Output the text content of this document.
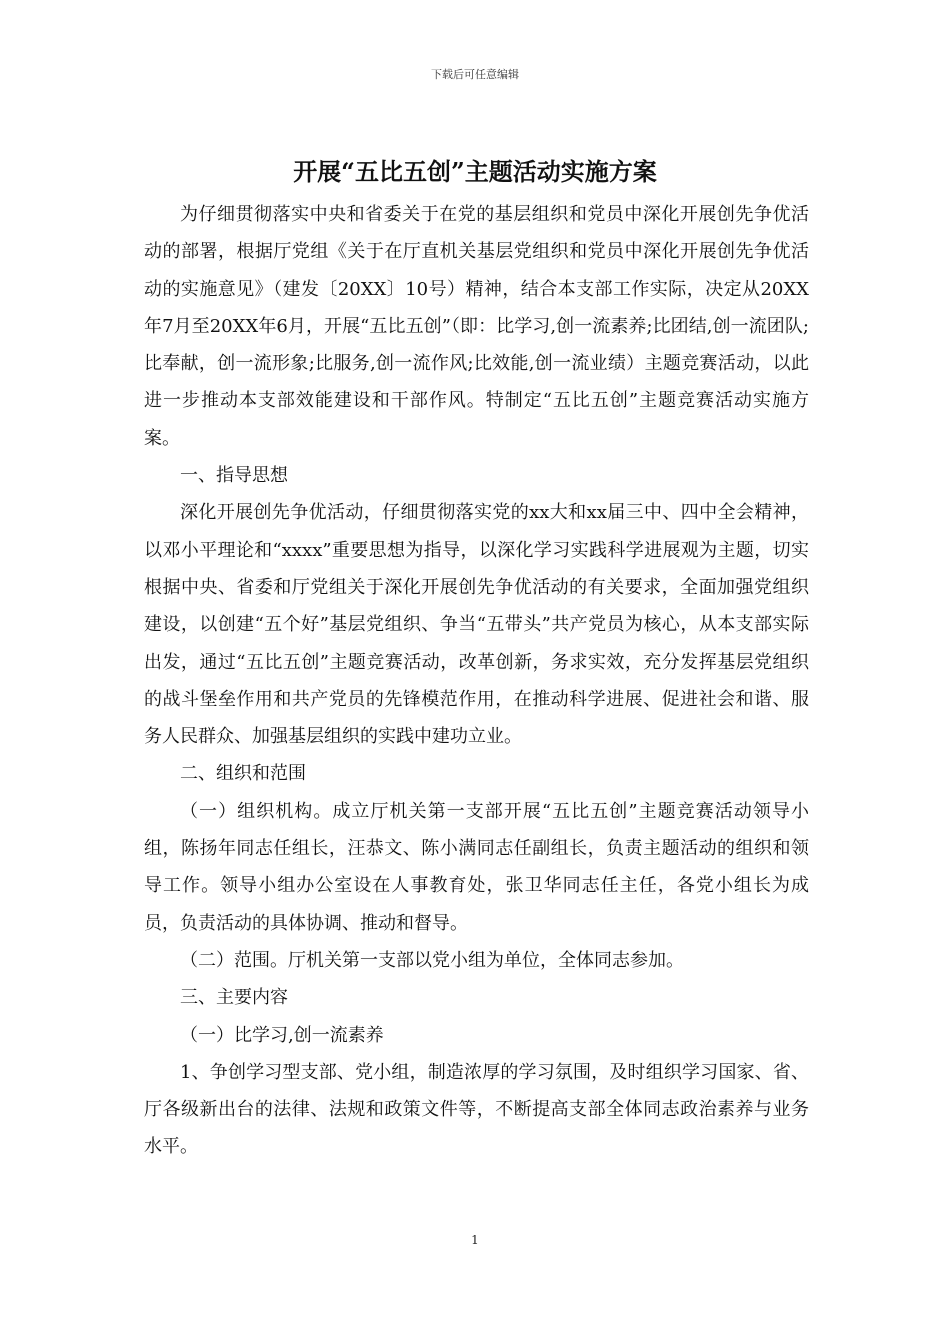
下载后可任意编辑
开展“五比五创”主题活动实施方案

为仔细贯彻落实中央和省委关于在党的基层组织和党员中深化开展创先争优活动的部署，根据厅党组《关于在厅直机关基层党组织和党员中深化开展创先争优活动的实施意见》（建发〔20XX〕10号）精神，结合本支部工作实际，决定从20XX年7月至20XX年6月，开展“五比五创”（即：比学习,创一流素养;比团结,创一流团队;比奉献，创一流形象;比服务,创一流作风;比效能,创一流业绩）主题竞赛活动，以此进一步推动本支部效能建设和干部作风。特制定“五比五创”主题竞赛活动实施方案。

一、指导思想

深化开展创先争优活动，仔细贯彻落实党的xx大和xx届三中、四中全会精神，以邓小平理论和“xxxx”重要思想为指导，以深化学习实践科学进展观为主题，切实根据中央、省委和厅党组关于深化开展创先争优活动的有关要求，全面加强党组织建设，以创建“五个好”基层党组织、争当“五带头”共产党员为核心，从本支部实际出发，通过“五比五创”主题竞赛活动，改革创新，务求实效，充分发挥基层党组织的战斗堡垒作用和共产党员的先锋模范作用，在推动科学进展、促进社会和谐、服务人民群众、加强基层组织的实践中建功立业。

二、组织和范围

（一）组织机构。成立厅机关第一支部开展“五比五创”主题竞赛活动领导小组，陈扬年同志任组长，汪恭文、陈小满同志任副组长，负责主题活动的组织和领导工作。领导小组办公室设在人事教育处，张卫华同志任主任，各党小组长为成员，负责活动的具体协调、推动和督导。

（二）范围。厅机关第一支部以党小组为单位，全体同志参加。

三、主要内容

（一）比学习,创一流素养

1、争创学习型支部、党小组，制造浓厚的学习氛围，及时组织学习国家、省、厅各级新出台的法律、法规和政策文件等，不断提高支部全体同志政治素养与业务水平。

1
